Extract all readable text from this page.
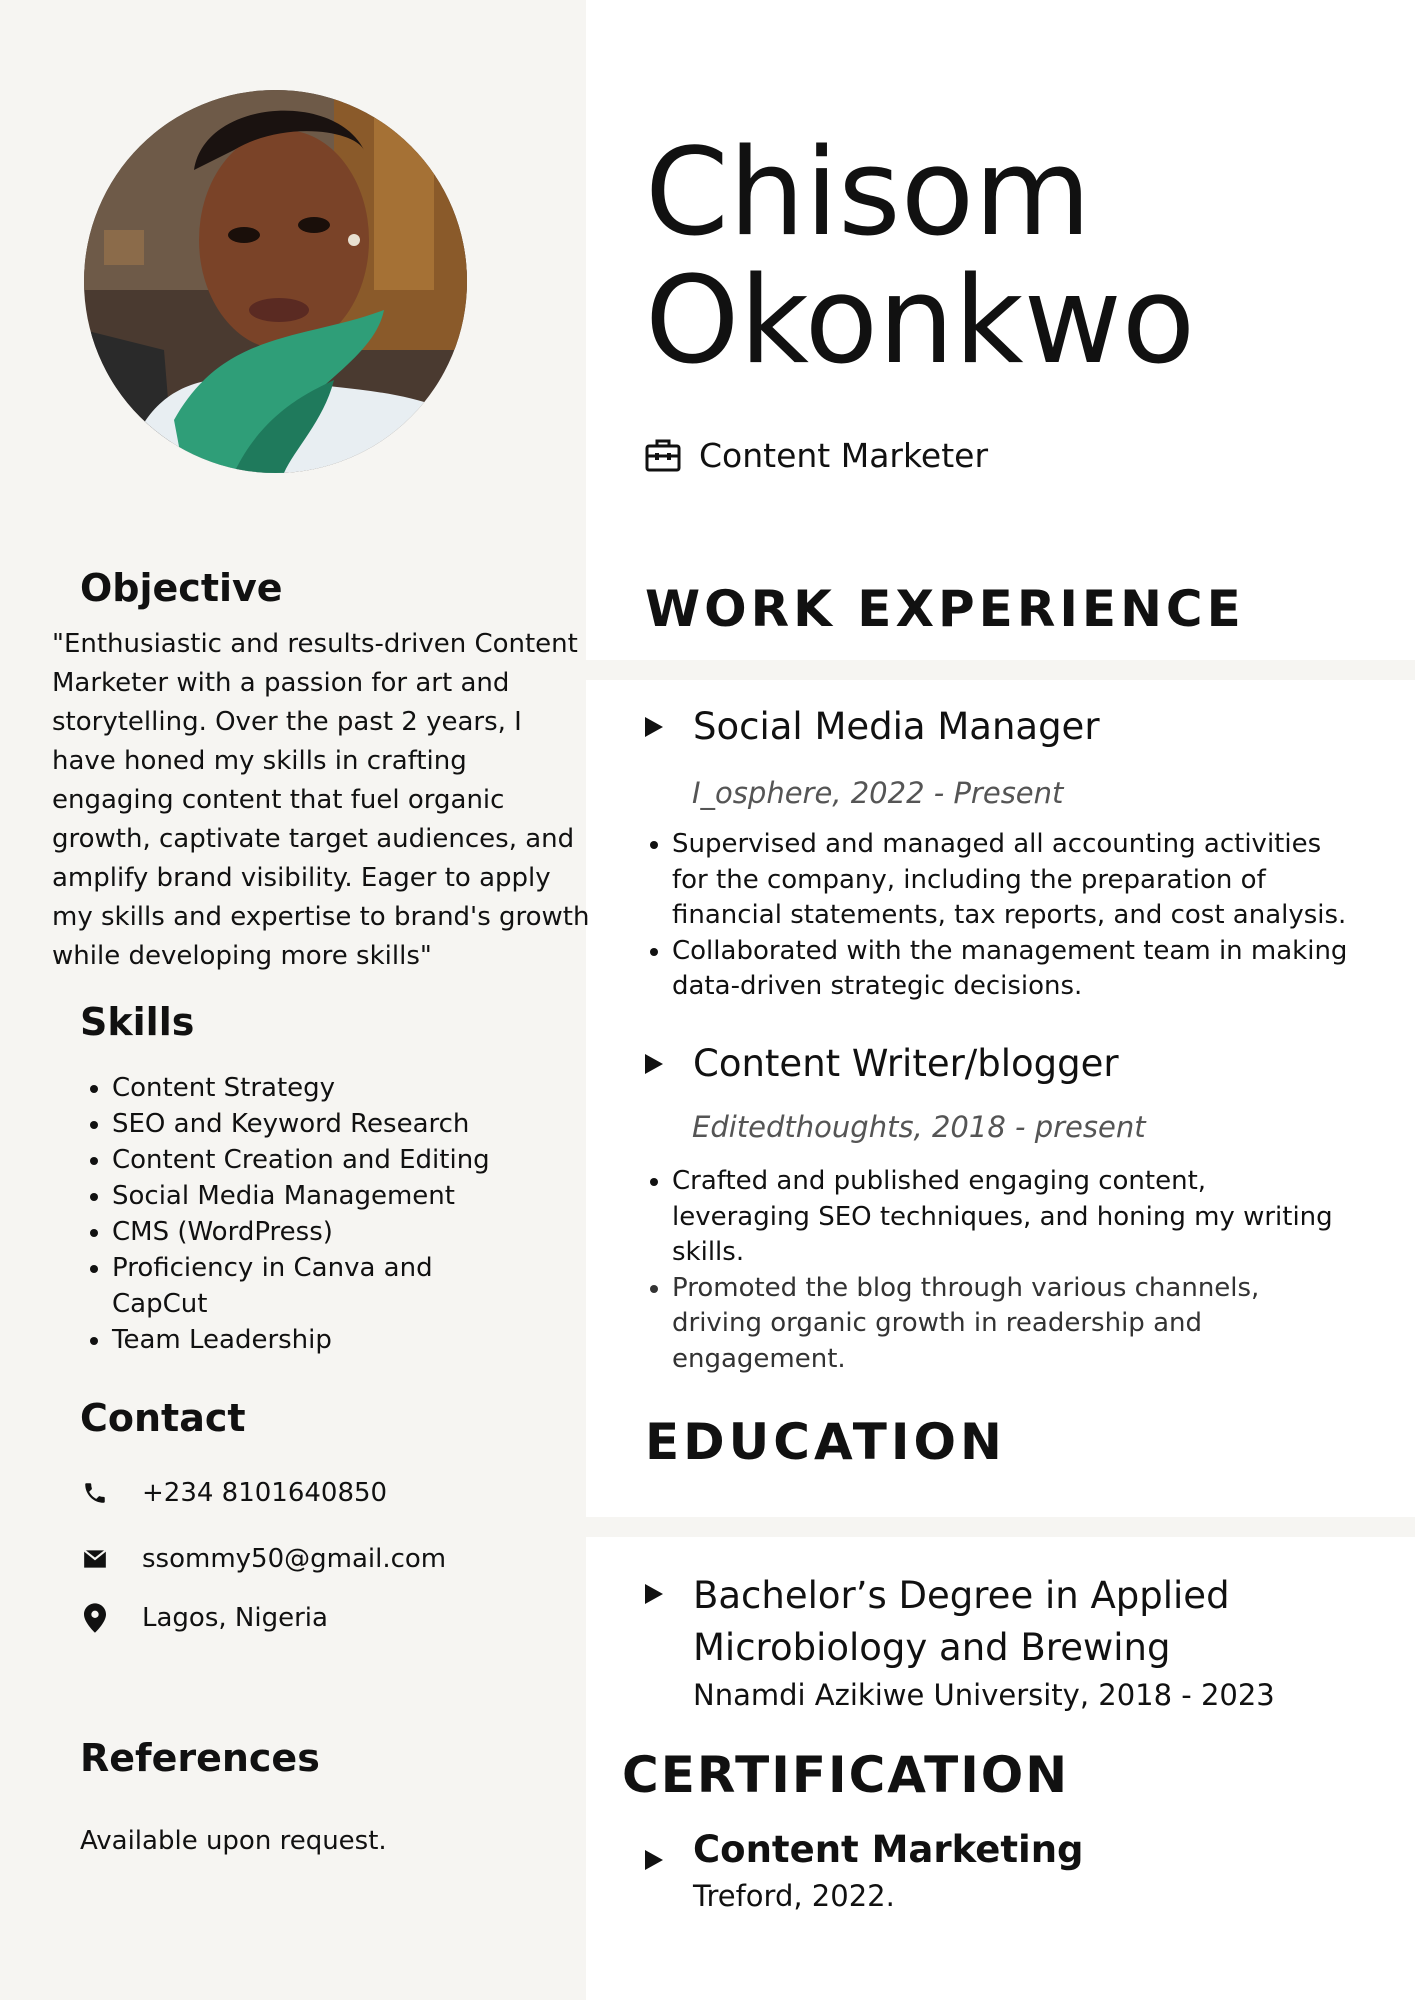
Objective
"Enthusiastic and results-driven Content Marketer with a passion for art and storytelling. Over the past 2 years, I have honed my skills in crafting engaging content that fuel organic growth, captivate target audiences, and amplify brand visibility. Eager to apply my skills and expertise to brand's growth while developing more skills"
Skills
• Content Strategy
• SEO and Keyword Research
• Content Creation and Editing
• Social Media Management
• CMS (WordPress)
• Proficiency in Canva and CapCut
• Team Leadership
Contact
+234 8101640850
ssommy50@gmail.com
Lagos, Nigeria
References
Available upon request.
Chisom
Okonkwo
Content Marketer
WORK EXPERIENCE
Social Media Manager
I_osphere, 2022 - Present
• Supervised and managed all accounting activities for the company, including the preparation of financial statements, tax reports, and cost analysis.
• Collaborated with the management team in making data-driven strategic decisions.
Content Writer/blogger
Editedthoughts, 2018 - present
• Crafted and published engaging content, leveraging SEO techniques, and honing my writing skills.
• Promoted the blog through various channels, driving organic growth in readership and engagement.
EDUCATION
Bachelor’s Degree in Applied Microbiology and Brewing
Nnamdi Azikiwe University, 2018 - 2023
CERTIFICATION
Content Marketing
Treford, 2022.
